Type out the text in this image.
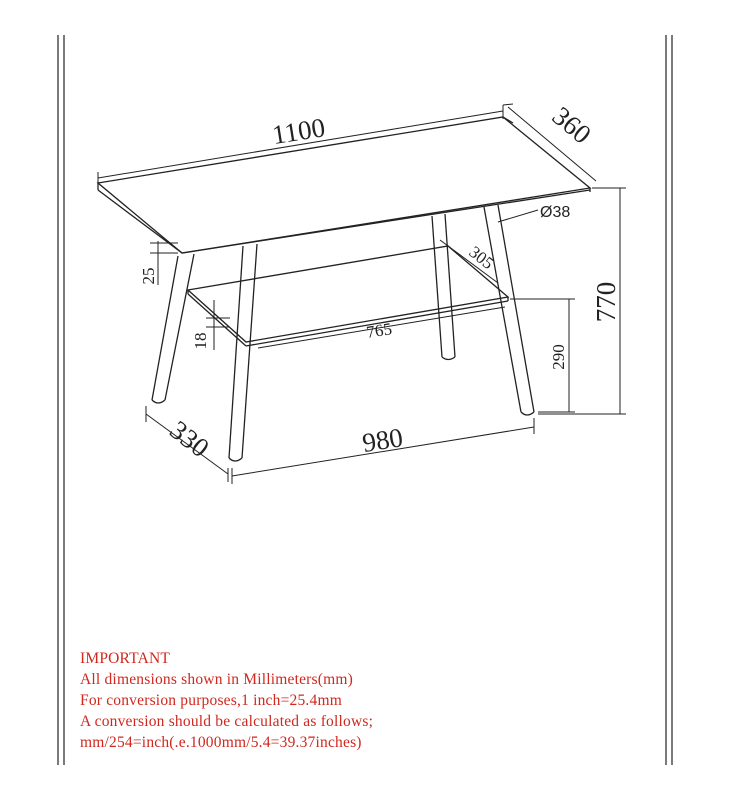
1100	360
Ø38
25
305
770
18	765
290
330	980
IMPORTANT
All dimensions shown in Millimeters(mm)
For conversion purposes,1 inch=25.4mm
A conversion should be calculated as follows;
mm/254=inch(.e.1000mm/5.4=39.37inches)
